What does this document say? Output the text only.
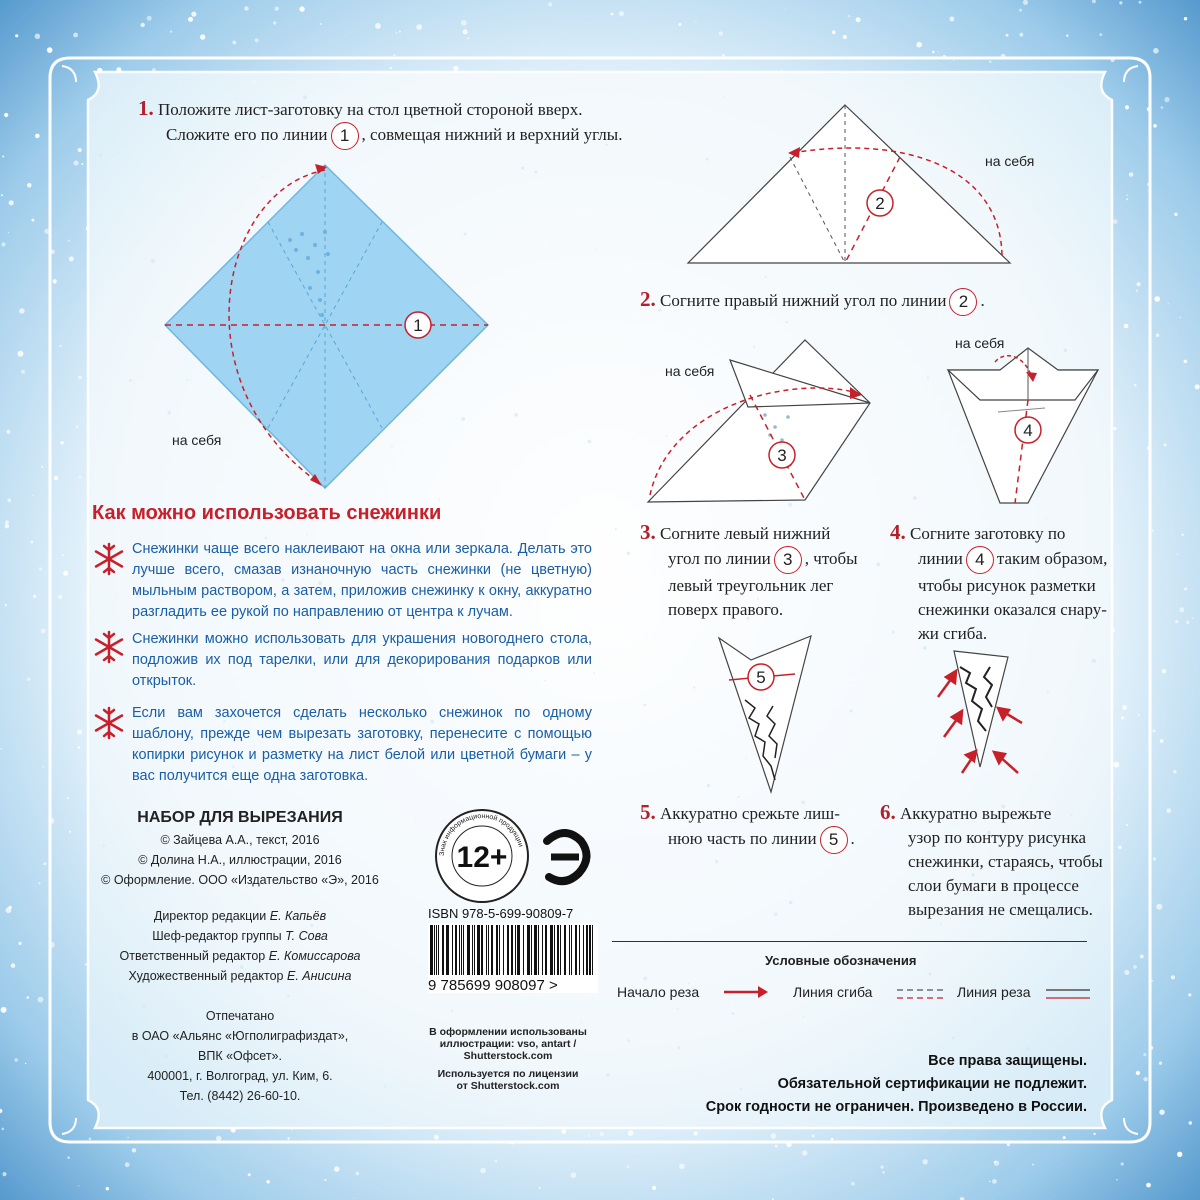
1. Положите лист-заготовку на стол цветной стороной вверх.
Сложите его по линии 1 , совмещая нижний и верхний углы.
1
на себя
2
на себя
2. Согните правый нижний угол по линии 2 .
3
на себя
4
на себя
3. Согните левый нижний
угол по линии 3 , чтобы
левый треугольник лег
поверх правого.
4. Согните заготовку по
линии 4 таким образом,
чтобы рисунок разметки
снежинки оказался снару-
жи сгиба.
5
5. Аккуратно срежьте лиш-
нюю часть по линии 5 .
6. Аккуратно вырежьте
узор по контуру рисунка
снежинки, стараясь, чтобы
слои бумаги в процессе
вырезания не смещались.
Как можно использовать снежинки
Снежинки чаще всего наклеивают на окна или зеркала. Делать это лучше всего, смазав изнаночную часть снежинки (не цветную) мыльным раствором, а затем, приложив снежинку к окну, аккуратно разгладить ее рукой по направлению от центра к лучам.
Снежинки можно использовать для украшения новогоднего стола, подложив их под тарелки, или для декорирования подарков или открыток.
Если вам захочется сделать несколько снежинок по одному шаблону, прежде чем вырезать заготовку, перенесите с помощью копирки рисунок и разметку на лист белой или цветной бумаги – у вас получится еще одна заготовка.
НАБОР ДЛЯ ВЫРЕЗАНИЯ
© Зайцева А.А., текст, 2016
© Долина Н.А., иллюстрации, 2016
© Оформление. ООО «Издательство «Э», 2016
Директор редакции Е. Капьёв
Шеф-редактор группы Т. Сова
Ответственный редактор Е. Комиссарова
Художественный редактор Е. Анисина
Отпечатано
в ОАО «Альянс «Югполиграфиздат»,
ВПК «Офсет».
400001, г. Волгоград, ул. Ким, 6.
Тел. (8442) 26-60-10.
Знак информационной продукции
12+
Э
ISBN 978-5-699-90809-7
9 785699 908097 >
В оформлении использованы
иллюстрации: vso, antart /
Shutterstock.com
Используется по лицензии
от Shutterstock.com
Условные обозначения
Начало реза	Линия сгиба	Линия реза
Все права защищены.
Обязательной сертификации не подлежит.
Срок годности не ограничен. Произведено в России.
